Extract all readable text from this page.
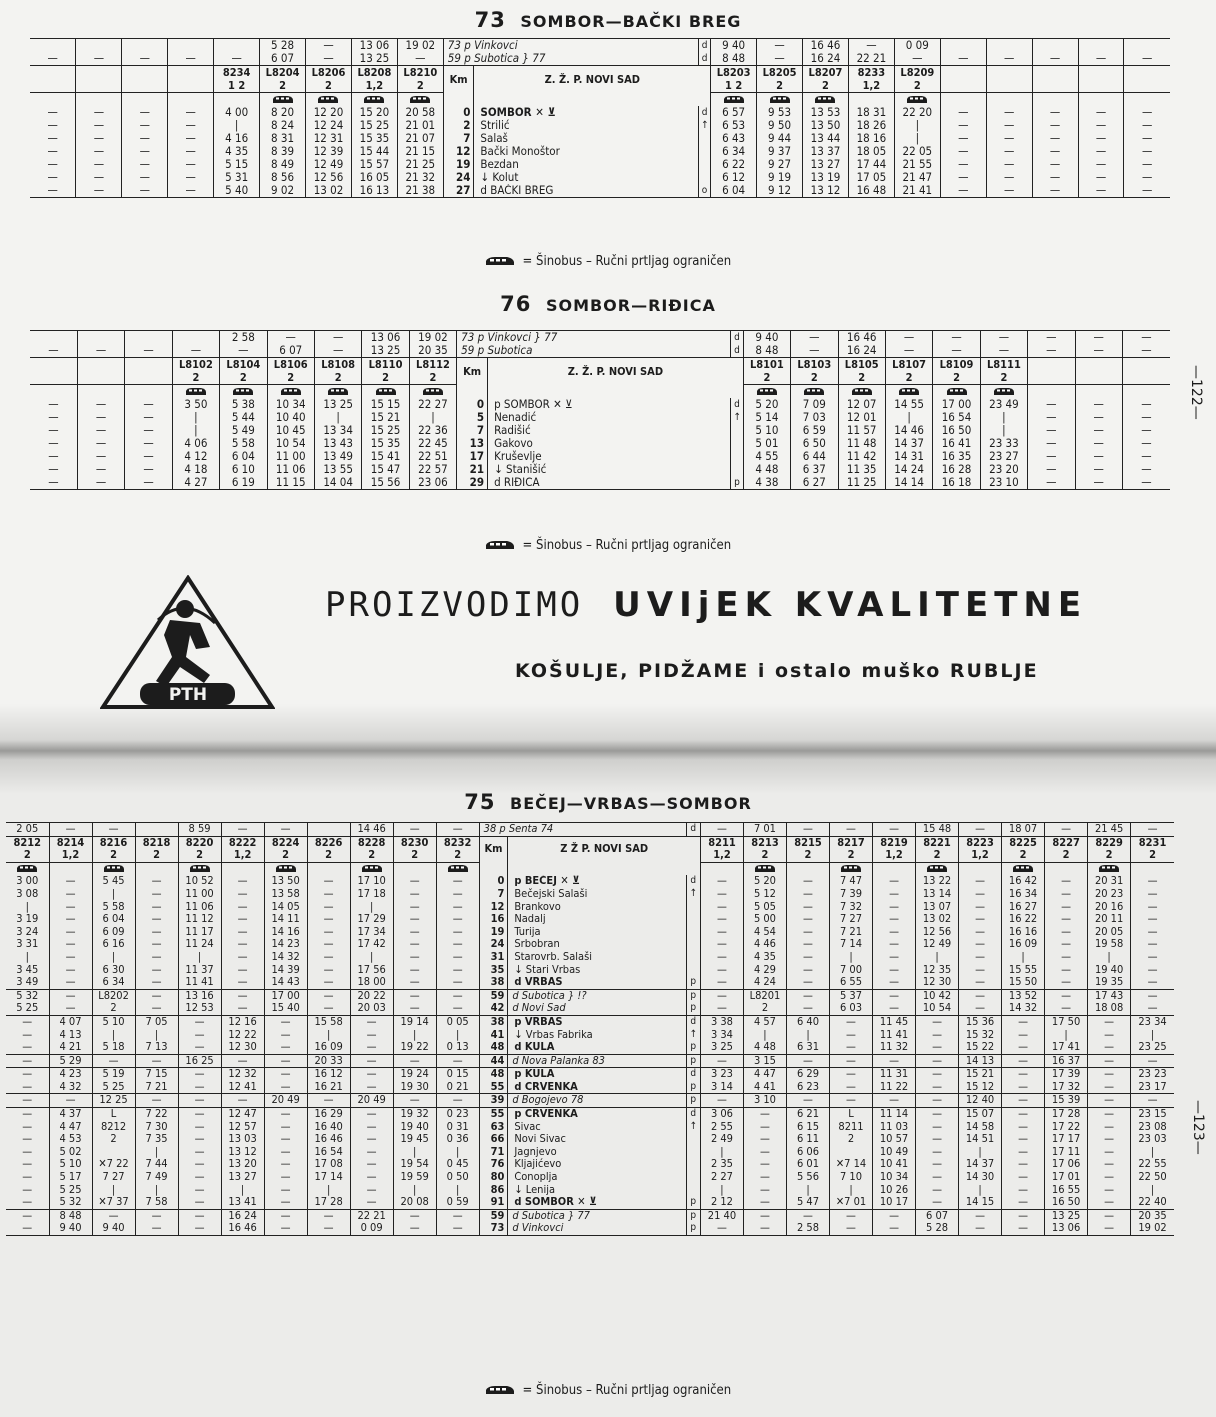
73 SOMBOR—BAČKI BREG
					5 28	—	13 06	19 02	73 p Vinkovci		d	9 40	—	16 46	—	0 09					
—	—	—	—	—	6 07	—	13 25	—	59 p Subotica } 77		d	8 48	—	16 24	22 21	—	—	—	—	—	—
				8234	L8204	L8206	L8208	L8210	Km	Z. Ž. P. NOVI SAD		L8203	L8205	L8207	8233	L8209					
				1 2	2	2	1,2	2				1 2	2	2	1,2	2					

—	—	—	—	4 00	8 20	12 20	15 20	20 58	0	SOMBOR ✕ ⊻	d	6 57	9 53	13 53	18 31	22 20	—	—	—	—	—
—	—	—	—	|	8 24	12 24	15 25	21 01	2	Strilić	↑	6 53	9 50	13 50	18 26	|	—	—	—	—	—
—	—	—	—	4 16	8 31	12 31	15 35	21 07	7	Salaš		6 43	9 44	13 44	18 16	|	—	—	—	—	—
—	—	—	—	4 35	8 39	12 39	15 44	21 15	12	Bački Monoštor		6 34	9 37	13 37	18 05	22 05	—	—	—	—	—
—	—	—	—	5 15	8 49	12 49	15 57	21 25	19	Bezdan		6 22	9 27	13 27	17 44	21 55	—	—	—	—	—
—	—	—	—	5 31	8 56	12 56	16 05	21 32	24	↓ Kolut		6 12	9 19	13 19	17 05	21 47	—	—	—	—	—
—	—	—	—	5 40	9 02	13 02	16 13	21 38	27	d BAČKI BREG	o	6 04	9 12	13 12	16 48	21 41	—	—	—	—	—
= Šinobus – Ručni prtljag ograničen
76 SOMBOR—RIĐICA
				2 58	—	—	13 06	19 02	73 p Vinkovci } 77		d	9 40	—	16 46	—	—	—	—	—	—
—	—	—	—	—	6 07	—	13 25	20 35	59 p Subotica		d	8 48	—	16 24	—	—	—	—	—	—
			L8102	L8104	L8106	L8108	L8110	L8112	Km	Z. Ž. P. NOVI SAD		L8101	L8103	L8105	L8107	L8109	L8111			
			2	2	2	2	2	2				2	2	2	2	2	2			

—	—	—	3 50	5 38	10 34	13 25	15 15	22 27	0	p SOMBOR ✕ ⊻	d	5 20	7 09	12 07	14 55	17 00	23 49	—	—	—
—	—	—	|	5 44	10 40	|	15 21	|	5	Nenadić	↑	5 14	7 03	12 01	|	16 54	|	—	—	—
—	—	—	|	5 49	10 45	13 34	15 25	22 36	7	Radišić		5 10	6 59	11 57	14 46	16 50	|	—	—	—
—	—	—	4 06	5 58	10 54	13 43	15 35	22 45	13	Gakovo		5 01	6 50	11 48	14 37	16 41	23 33	—	—	—
—	—	—	4 12	6 04	11 00	13 49	15 41	22 51	17	Kruševlje		4 55	6 44	11 42	14 31	16 35	23 27	—	—	—
—	—	—	4 18	6 10	11 06	13 55	15 47	22 57	21	↓ Stanišić		4 48	6 37	11 35	14 24	16 28	23 20	—	—	—
—	—	—	4 27	6 19	11 15	14 04	15 56	23 06	29	d RIĐICA	p	4 38	6 27	11 25	14 14	16 18	23 10	—	—	—
= Šinobus – Ručni prtljag ograničen
—122—
PTH
PROIZVODIMO UVIjEK KVALITETNE
KOŠULJE, PIDŽAME i ostalo muško RUBLJE
75 BEČEJ—VRBAS—SOMBOR
2 05	—	—		8 59	—	—		14 46	—	—	38 p Senta 74		d	—	7 01	—	—	—	15 48	—	18 07	—	21 45	—
8212	8214	8216	8218	8220	8222	8224	8226	8228	8230	8232	Km	Z Ž P. NOVI SAD		8211	8213	8215	8217	8219	8221	8223	8225	8227	8229	8231
2	1,2	2	2	2	1,2	2	2	2	2	2				1,2	2	2	2	1,2	2	1,2	2	2	2	2

3 00	—	5 45	—	10 52	—	13 50	—	17 10	—	—	0	p BEČEJ ✕ ⊻	d	—	5 20	—	7 47	—	13 22	—	16 42	—	20 31	—
3 08	—	|	—	11 00	—	13 58	—	17 18	—	—	7	Bečejski Salaši	↑	—	5 12	—	7 39	—	13 14	—	16 34	—	20 23	—
|	—	5 58	—	11 06	—	14 05	—	|	—	—	12	Brankovo		—	5 05	—	7 32	—	13 07	—	16 27	—	20 16	—
3 19	—	6 04	—	11 12	—	14 11	—	17 29	—	—	16	Nadalj		—	5 00	—	7 27	—	13 02	—	16 22	—	20 11	—
3 24	—	6 09	—	11 17	—	14 16	—	17 34	—	—	19	Turija		—	4 54	—	7 21	—	12 56	—	16 16	—	20 05	—
3 31	—	6 16	—	11 24	—	14 23	—	17 42	—	—	24	Srbobran		—	4 46	—	7 14	—	12 49	—	16 09	—	19 58	—
|	—	|	—	|	—	14 32	—	|	—	—	31	Starovrb. Salaši		—	4 35	—	|	—	|	—	|	—	|	—
3 45	—	6 30	—	11 37	—	14 39	—	17 56	—	—	35	↓ Stari Vrbas		—	4 29	—	7 00	—	12 35	—	15 55	—	19 40	—
3 49	—	6 34	—	11 41	—	14 43	—	18 00	—	—	38	d VRBAS	p	—	4 24	—	6 55	—	12 30	—	15 50	—	19 35	—
5 32	—	L8202	—	13 16	—	17 00	—	20 22	—	—	59	d Subotica } !?	p	—	L8201	—	5 37	—	10 42	—	13 52	—	17 43	—
5 25	—	2	—	12 53	—	15 40	—	20 03	—	—	42	d Novi Sad	p	—	2	—	6 03	—	10 54	—	14 32	—	18 08	—
—	4 07	5 10	7 05	—	12 16	—	15 58	—	19 14	0 05	38	p VRBAS	d	3 38	4 57	6 40	—	11 45	—	15 36	—	17 50	—	23 34
—	4 13	|	|	—	12 22	—	|	—	|	|	41	↓ Vrbas Fabrika	↑	3 34	|	|	—	11 41	—	15 32	—	|	—	|
—	4 21	5 18	7 13	—	12 30	—	16 09	—	19 22	0 13	48	d KULA	p	3 25	4 48	6 31	—	11 32	—	15 22	—	17 41	—	23 25
—	5 29	—	—	16 25	—	—	20 33	—	—	—	44	d Nova Palanka 83	p	—	3 15	—	—	—	—	14 13	—	16 37	—	—
—	4 23	5 19	7 15	—	12 32	—	16 12	—	19 24	0 15	48	p KULA	d	3 23	4 47	6 29	—	11 31	—	15 21	—	17 39	—	23 23
—	4 32	5 25	7 21	—	12 41	—	16 21	—	19 30	0 21	55	d CRVENKA	p	3 14	4 41	6 23	—	11 22	—	15 12	—	17 32	—	23 17
—	—	12 25	—	—	—	20 49	—	20 49	—	—	39	d Bogojevo 78	p	—	3 10	—	—	—	—	12 40	—	15 39	—	—
—	4 37	L	7 22	—	12 47	—	16 29	—	19 32	0 23	55	p CRVENKA	d	3 06	—	6 21	L	11 14	—	15 07	—	17 28	—	23 15
—	4 47	8212	7 30	—	12 57	—	16 40	—	19 40	0 31	63	Sivac	↑	2 55	—	6 15	8211	11 03	—	14 58	—	17 22	—	23 08
—	4 53	2	7 35	—	13 03	—	16 46	—	19 45	0 36	66	Novi Sivac		2 49	—	6 11	2	10 57	—	14 51	—	17 17	—	23 03
—	5 02		|	—	13 12	—	16 54	—	|	|	71	Jagnjevo		|	—	6 06		10 49	—	|	—	17 11	—	|
—	5 10	✕7 22	7 44	—	13 20	—	17 08	—	19 54	0 45	76	Kljajićevo		2 35	—	6 01	✕7 14	10 41	—	14 37	—	17 06	—	22 55
—	5 17	7 27	7 49	—	13 27	—	17 14	—	19 59	0 50	80	Čonoplja		2 27	—	5 56	7 10	10 34	—	14 30	—	17 01	—	22 50
—	5 25	|	|	—	|	—	|	—	|	|	86	↓ Lenija		|	—	|	|	10 26	—	|	—	16 55	—	|
—	5 32	✕7 37	7 58	—	13 41	—	17 28	—	20 08	0 59	91	d SOMBOR ✕ ⊻	p	2 12	—	5 47	✕7 01	10 17	—	14 15	—	16 50	—	22 40
—	8 48	—	—	—	16 24	—	—	22 21	—	—	59	d Subotica } 77	p	21 40	—	—	—	—	6 07	—	—	13 25	—	20 35
—	9 40	9 40	—	—	16 46	—	—	0 09	—	—	73	d Vinkovci	p	—	—	2 58	—	—	5 28	—	—	13 06	—	19 02
= Šinobus – Ručni prtljag ograničen
—123—
